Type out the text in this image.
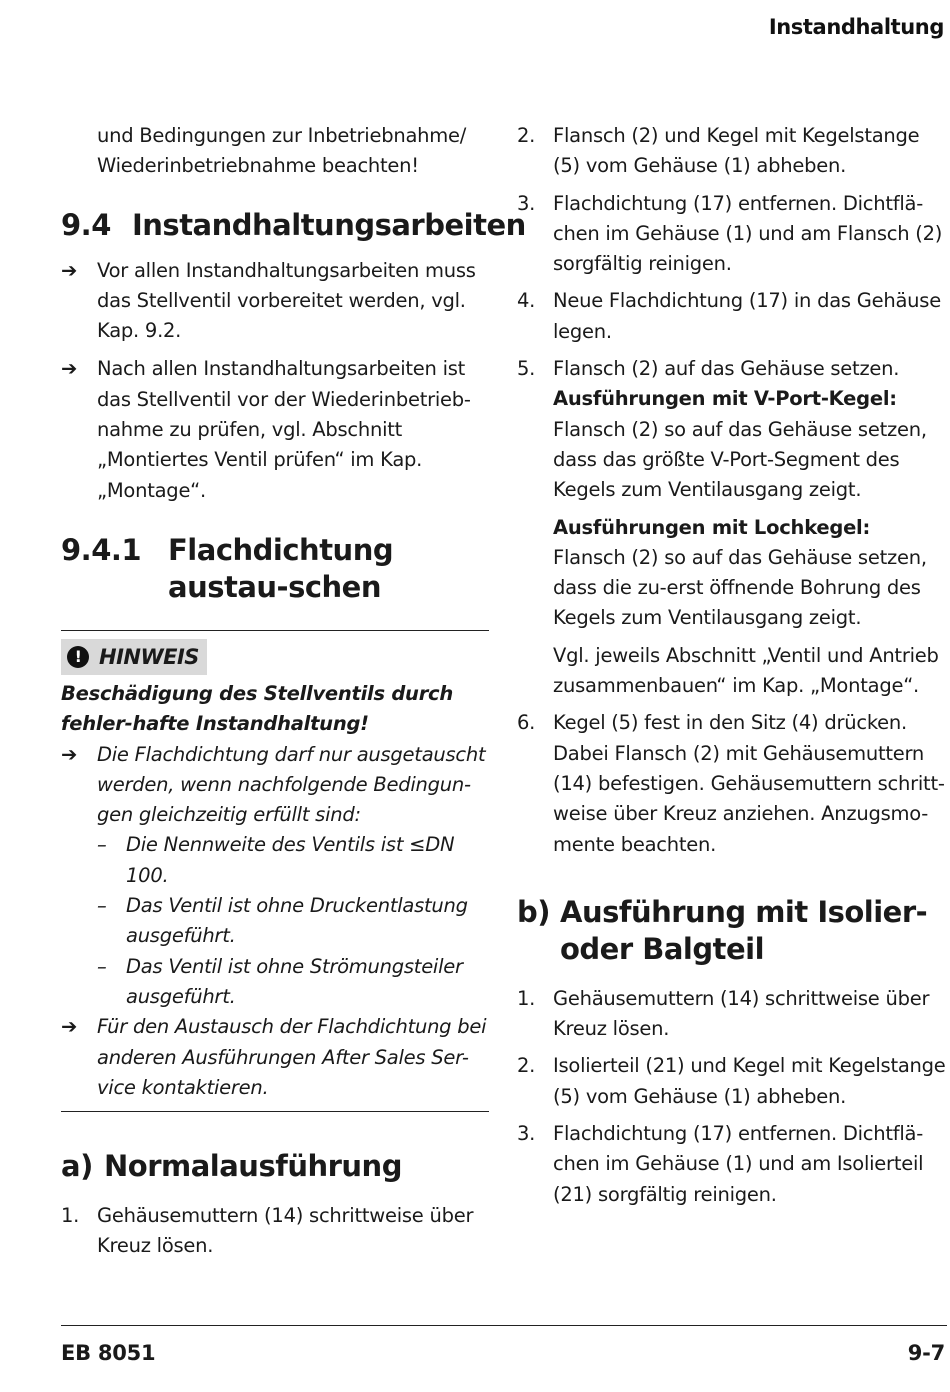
Instandhaltung
und Bedingungen zur Inbetriebnahme/ Wiederinbetriebnahme beachten!
9.4 Instandhaltungsarbeiten
➔	Vor allen Instandhaltungsarbeiten muss das Stellventil vorbereitet werden, vgl. Kap. 9.2.
➔	Nach allen Instandhaltungsarbeiten ist das Stellventil vor der Wiederinbetrieb-nahme zu prüfen, vgl. Abschnitt „Montiertes Ventil prüfen“ im Kap. „Montage“.
9.4.1 Flachdichtung austau-schen
! HINWEIS
Beschädigung des Stellventils durch fehler-hafte Instandhaltung!
➔	Die Flachdichtung darf nur ausgetauscht werden, wenn nachfolgende Bedingun-gen gleichzeitig erfüllt sind:
–	Die Nennweite des Ventils ist ≤DN 100.
–	Das Ventil ist ohne Druckentlastung ausgeführt.
–	Das Ventil ist ohne Strömungsteiler ausgeführt.
➔	Für den Austausch der Flachdichtung bei anderen Ausführungen After Sales Ser-vice kontaktieren.
a) Normalausführung
1. Gehäusemuttern (14) schrittweise über Kreuz lösen.
2. Flansch (2) und Kegel mit Kegelstange (5) vom Gehäuse (1) abheben.
3. Flachdichtung (17) entfernen. Dichtflä-chen im Gehäuse (1) und am Flansch (2) sorgfältig reinigen.
4. Neue Flachdichtung (17) in das Gehäuse legen.
5. Flansch (2) auf das Gehäuse setzen.
Ausführungen mit V-Port-Kegel: Flansch (2) so auf das Gehäuse setzen, dass das größte V-Port-Segment des Kegels zum Ventilausgang zeigt.
Ausführungen mit Lochkegel: Flansch (2) so auf das Gehäuse setzen, dass die zu-erst öffnende Bohrung des Kegels zum Ventilausgang zeigt.
Vgl. jeweils Abschnitt „Ventil und Antrieb zusammenbauen“ im Kap. „Montage“.
6. Kegel (5) fest in den Sitz (4) drücken. Dabei Flansch (2) mit Gehäusemuttern (14) befestigen. Gehäusemuttern schritt-weise über Kreuz anziehen. Anzugsmo-mente beachten.
b) Ausführung mit Isolier- oder Balgteil
1. Gehäusemuttern (14) schrittweise über Kreuz lösen.
2. Isolierteil (21) und Kegel mit Kegelstange (5) vom Gehäuse (1) abheben.
3. Flachdichtung (17) entfernen. Dichtflä-chen im Gehäuse (1) und am Isolierteil (21) sorgfältig reinigen.
EB 8051	9-7
